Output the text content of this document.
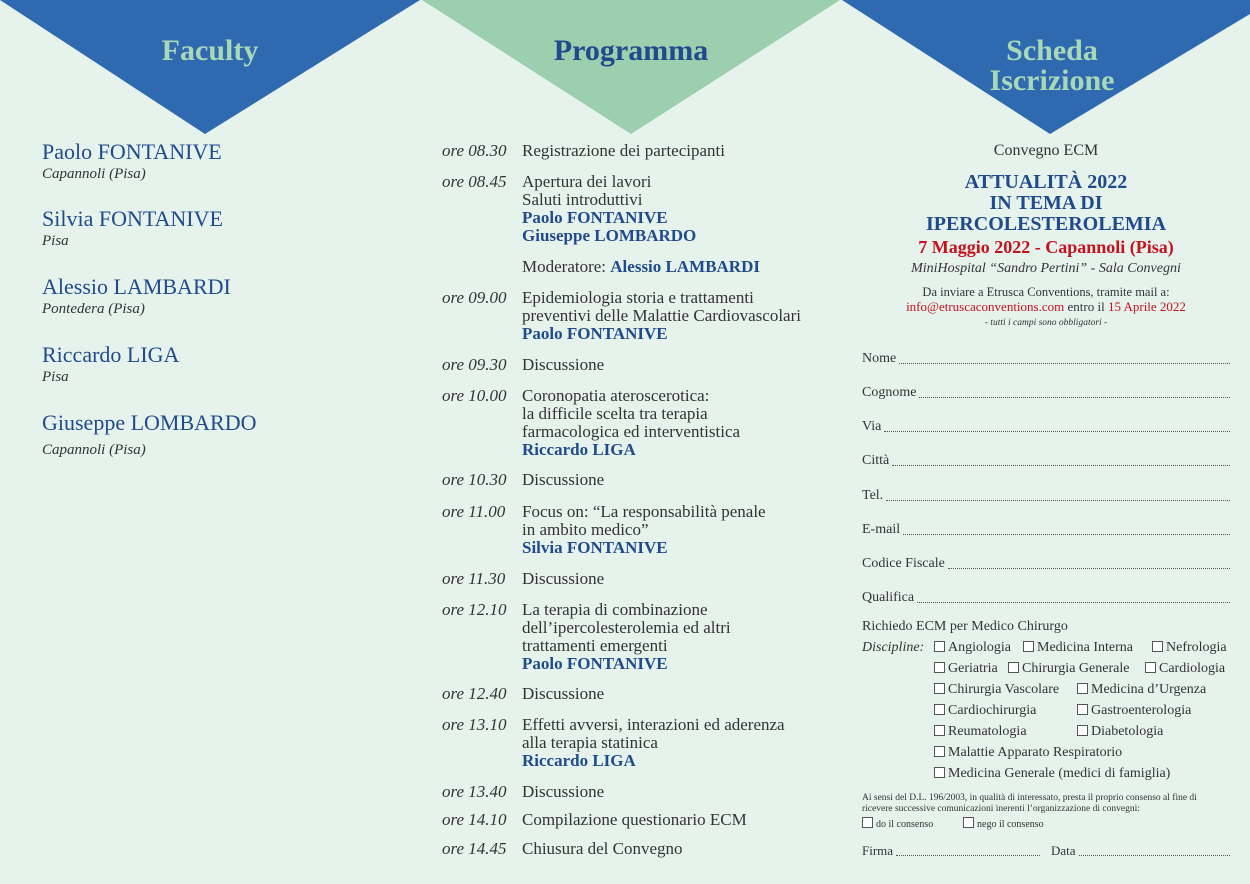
Faculty	Programma	Scheda
Iscrizione
Paolo FONTANIVE
Capannoli (Pisa)
Silvia FONTANIVE
Pisa
Alessio LAMBARDI
Pontedera (Pisa)
Riccardo LIGA
Pisa
Giuseppe LOMBARDO
Capannoli (Pisa)
ore 08.30 Registrazione dei partecipanti
ore 08.45 Apertura dei lavori
Saluti introduttivi
Paolo FONTANIVE
Giuseppe LOMBARDO
Moderatore: Alessio LAMBARDI
ore 09.00 Epidemiologia storia e trattamenti
preventivi delle Malattie Cardiovascolari
Paolo FONTANIVE
ore 09.30 Discussione
ore 10.00 Coronopatia ateroscerotica:
la difficile scelta tra terapia
farmacologica ed interventistica
Riccardo LIGA
ore 10.30 Discussione
ore 11.00 Focus on: “La responsabilità penale
in ambito medico”
Silvia FONTANIVE
ore 11.30 Discussione
ore 12.10 La terapia di combinazione
dell’ipercolesterolemia ed altri
trattamenti emergenti
Paolo FONTANIVE
ore 12.40 Discussione
ore 13.10 Effetti avversi, interazioni ed aderenza
alla terapia statinica
Riccardo LIGA
ore 13.40 Discussione
ore 14.10 Compilazione questionario ECM
ore 14.45 Chiusura del Convegno
Convegno ECM
ATTUALITÀ 2022
IN TEMA DI
IPERCOLESTEROLEMIA
7 Maggio 2022 - Capannoli (Pisa)
MiniHospital “Sandro Pertini” - Sala Convegni
Da inviare a Etrusca Conventions, tramite mail a:
info@etruscaconventions.com entro il 15 Aprile 2022
- tutti i campi sono obbligatori -
Nome
Cognome
Via
Città
Tel.
E-mail
Codice Fiscale
Qualifica
Richiedo ECM per Medico Chirurgo
Discipline:	Angiologia	Medicina Interna	Nefrologia
Geriatria	Chirurgia Generale	Cardiologia
Chirurgia Vascolare	Medicina d’Urgenza
Cardiochirurgia	Gastroenterologia
Reumatologia	Diabetologia
Malattie Apparato Respiratorio
Medicina Generale (medici di famiglia)
Ai sensi del D.L. 196/2003, in qualità di interessato, presta il proprio consenso al fine di
ricevere successive comunicazioni inerenti l’organizzazione di convegni:
do il consenso	nego il consenso
Firma	Data
